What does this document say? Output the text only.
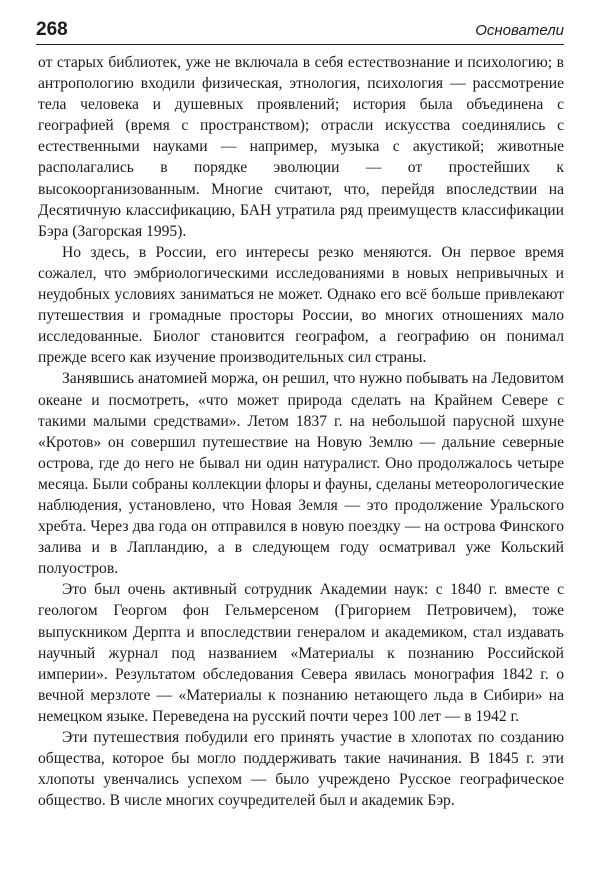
268	Основатели

от старых библиотек, уже не включала в себя естествознание и психологию; в антропологию входили физическая, этнология, психология — рассмотрение тела человека и душевных проявлений; история была объединена с географией (время с пространством); отрасли искусства соединялись с естественными науками — например, музыка с акустикой; животные располагались в порядке эволюции — от простейших к высокоорганизованным. Многие считают, что, перейдя впоследствии на Десятичную классификацию, БАН утратила ряд преимуществ классификации Бэра (Загорская 1995).

Но здесь, в России, его интересы резко меняются. Он первое время сожалел, что эмбриологическими исследованиями в новых непривычных и неудобных условиях заниматься не может. Однако его всё больше привлекают путешествия и громадные просторы России, во многих отношениях мало исследованные. Биолог становится географом, а географию он понимал прежде всего как изучение производительных сил страны.

Занявшись анатомией моржа, он решил, что нужно побывать на Ледовитом океане и посмотреть, «что может природа сделать на Крайнем Севере с такими малыми средствами». Летом 1837 г. на небольшой парусной шхуне «Кротов» он совершил путешествие на Новую Землю — дальние северные острова, где до него не бывал ни один натуралист. Оно продолжалось четыре месяца. Были собраны коллекции флоры и фауны, сделаны метеорологические наблюдения, установлено, что Новая Земля — это продолжение Уральского хребта. Через два года он отправился в новую поездку — на острова Финского залива и в Лапландию, а в следующем году осматривал уже Кольский полуостров.

Это был очень активный сотрудник Академии наук: с 1840 г. вместе с геологом Георгом фон Гельмерсеном (Григорием Петровичем), тоже выпускником Дерпта и впоследствии генералом и академиком, стал издавать научный журнал под названием «Материалы к познанию Российской империи». Результатом обследования Севера явилась монография 1842 г. о вечной мерзлоте — «Материалы к познанию нетающего льда в Сибири» на немецком языке. Переведена на русский почти через 100 лет — в 1942 г.

Эти путешествия побудили его принять участие в хлопотах по созданию общества, которое бы могло поддерживать такие начинания. В 1845 г. эти хлопоты увенчались успехом — было учреждено Русское географическое общество. В числе многих соучредителей был и академик Бэр.
